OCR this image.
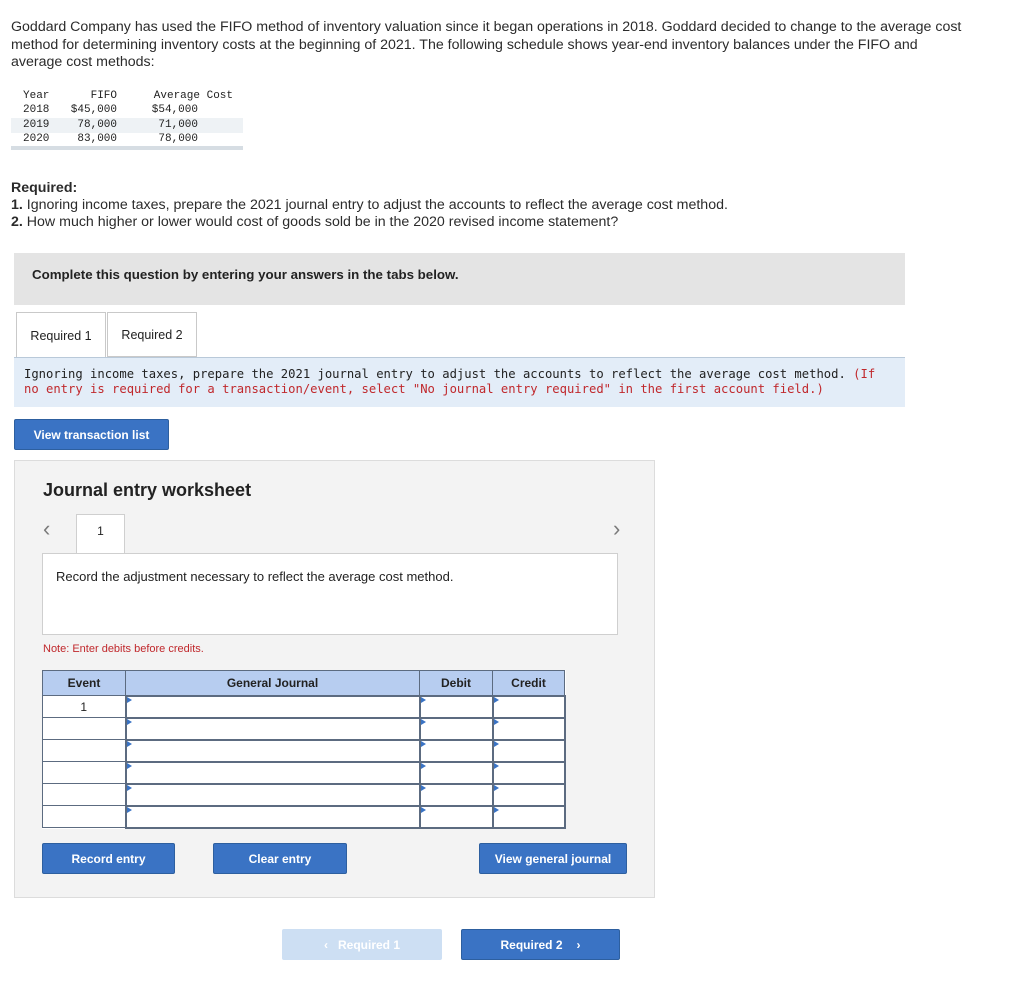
Goddard Company has used the FIFO method of inventory valuation since it began operations in 2018. Goddard decided to change to the average cost method for determining inventory costs at the beginning of 2021. The following schedule shows year-end inventory balances under the FIFO and average cost methods:
Year	FIFO	Average Cost
2018	$45,000	$54,000
2019	78,000	71,000
2020	83,000	78,000
Required:
1. Ignoring income taxes, prepare the 2021 journal entry to adjust the accounts to reflect the average cost method.
2. How much higher or lower would cost of goods sold be in the 2020 revised income statement?
Complete this question by entering your answers in the tabs below.
Required 1	Required 2
Ignoring income taxes, prepare the 2021 journal entry to adjust the accounts to reflect the average cost method. (If no entry is required for a transaction/event, select "No journal entry required" in the first account field.)
View transaction list
Journal entry worksheet
‹	›
1
Record the adjustment necessary to reflect the average cost method.
Note: Enter debits before credits.
Event	General Journal	Debit	Credit
1			

Record entry	Clear entry	View general journal
‹ Required 1	Required 2 ›
